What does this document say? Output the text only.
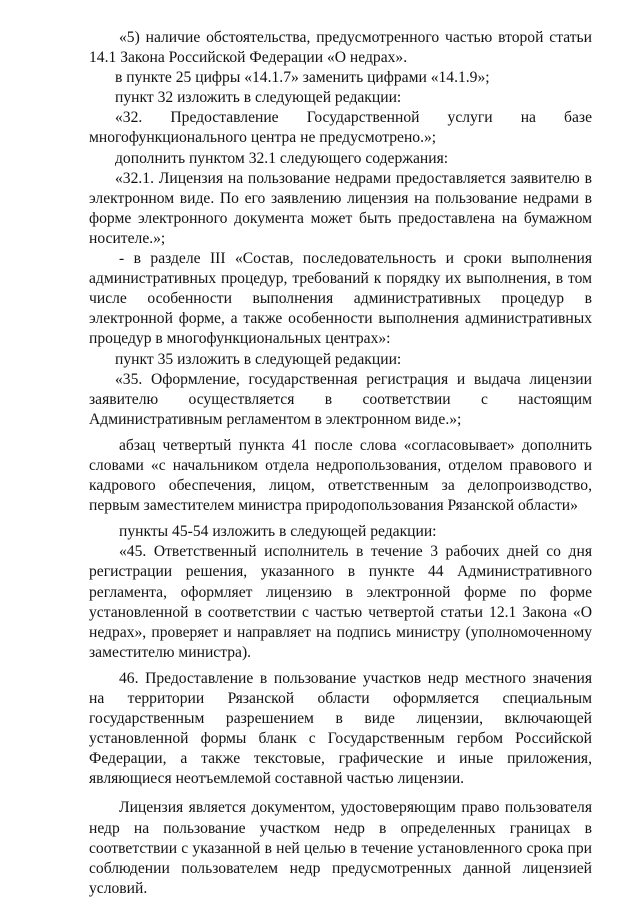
«5) наличие обстоятельства, предусмотренного частью второй статьи 14.1 Закона Российской Федерации «О недрах».

в пункте 25 цифры «14.1.7» заменить цифрами «14.1.9»;

пункт 32 изложить в следующей редакции:

«32. Предоставление Государственной услуги на базе многофункционального центра не предусмотрено.»;

дополнить пунктом 32.1 следующего содержания:

«32.1. Лицензия на пользование недрами предоставляется заявителю в электронном виде. По его заявлению лицензия на пользование недрами в форме электронного документа может быть предоставлена на бумажном носителе.»;

- в разделе III «Состав, последовательность и сроки выполнения административных процедур, требований к порядку их выполнения, в том числе особенности выполнения административных процедур в электронной форме, а также особенности выполнения административных процедур в многофункциональных центрах»:

пункт 35 изложить в следующей редакции:

«35. Оформление, государственная регистрация и выдача лицензии заявителю осуществляется в соответствии с настоящим Административным регламентом в электронном виде.»;

абзац четвертый пункта 41 после слова «согласовывает» дополнить словами «с начальником отдела недропользования, отделом правового и кадрового обеспечения, лицом, ответственным за делопроизводство, первым заместителем министра природопользования Рязанской области»

пункты 45-54 изложить в следующей редакции:

«45. Ответственный исполнитель в течение 3 рабочих дней со дня регистрации решения, указанного в пункте 44 Административного регламента, оформляет лицензию в электронной форме по форме установленной в соответствии с частью четвертой статьи 12.1 Закона «О недрах», проверяет и направляет на подпись министру (уполномоченному заместителю министра).

46. Предоставление в пользование участков недр местного значения на территории Рязанской области оформляется специальным государственным разрешением в виде лицензии, включающей установленной формы бланк с Государственным гербом Российской Федерации, а также текстовые, графические и иные приложения, являющиеся неотъемлемой составной частью лицензии.

Лицензия является документом, удостоверяющим право пользователя недр на пользование участком недр в определенных границах в соответствии с указанной в ней целью в течение установленного срока при соблюдении пользователем недр предусмотренных данной лицензией условий.
